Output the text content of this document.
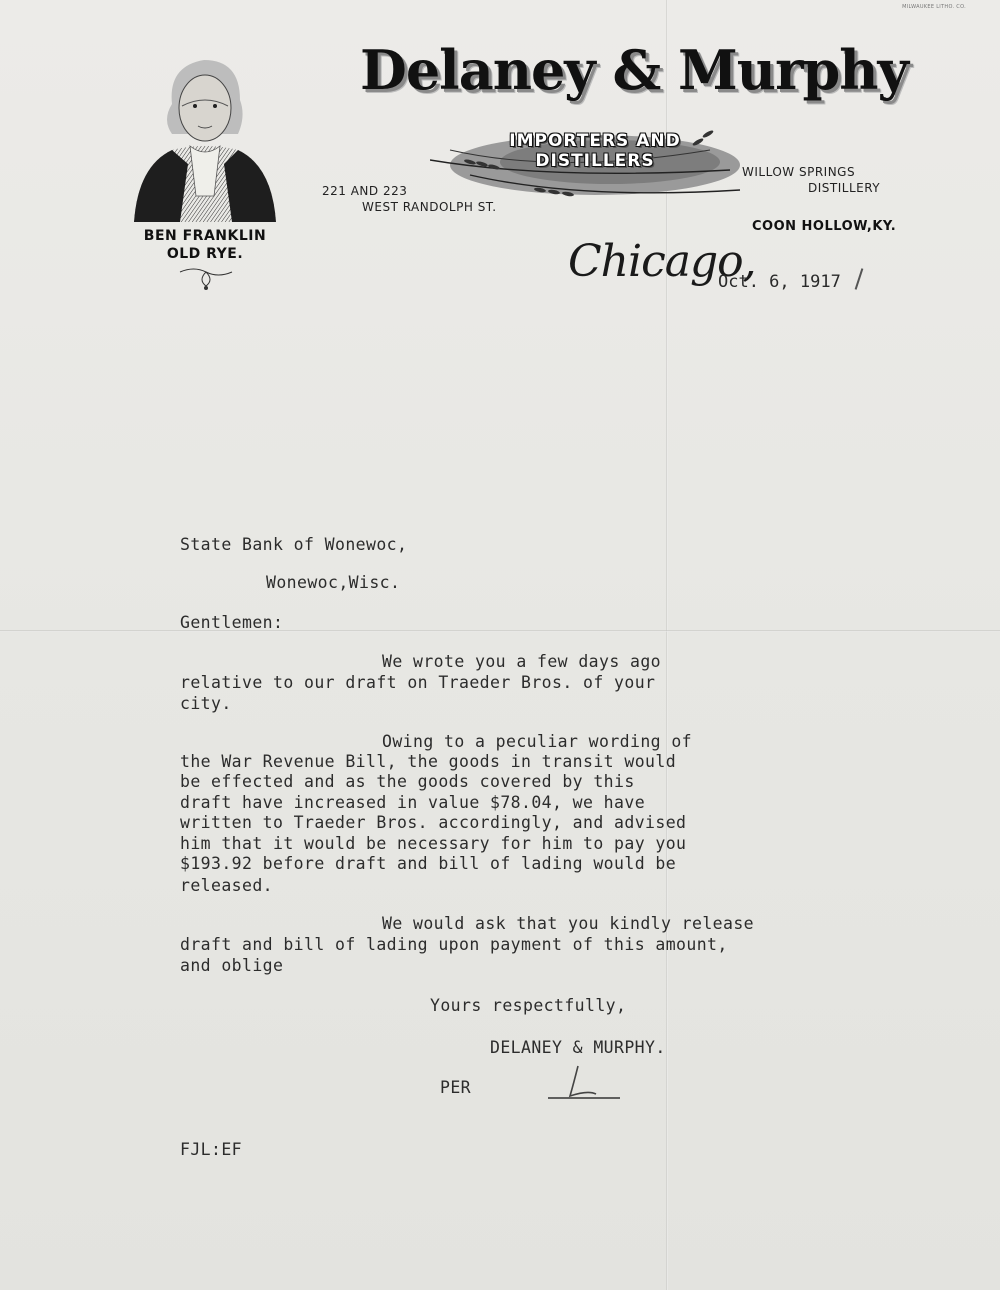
MILWAUKEE LITHO. CO.
BEN FRANKLIN
OLD RYE.
Delaney & Murphy
IMPORTERS AND
DISTILLERS
221 AND 223
WEST RANDOLPH ST.
WILLOW SPRINGS
DISTILLERY
COON HOLLOW,KY.
Chicago,
Oct. 6, 1917
State Bank of Wonewoc,
Wonewoc,Wisc.
Gentlemen:
We wrote you a few days ago
relative to our draft on Traeder Bros. of your
city.
Owing to a peculiar wording of
the War Revenue Bill, the goods in transit would
be effected and as the goods covered by this
draft have increased in value $78.04, we have
written to Traeder Bros. accordingly, and advised
him that it would be necessary for him to pay you
$193.92 before draft and bill of lading would be
released.
We would ask that you kindly release
draft and bill of lading upon payment of this amount,
and oblige
Yours respectfully,
DELANEY & MURPHY.
PER
FJL:EF
